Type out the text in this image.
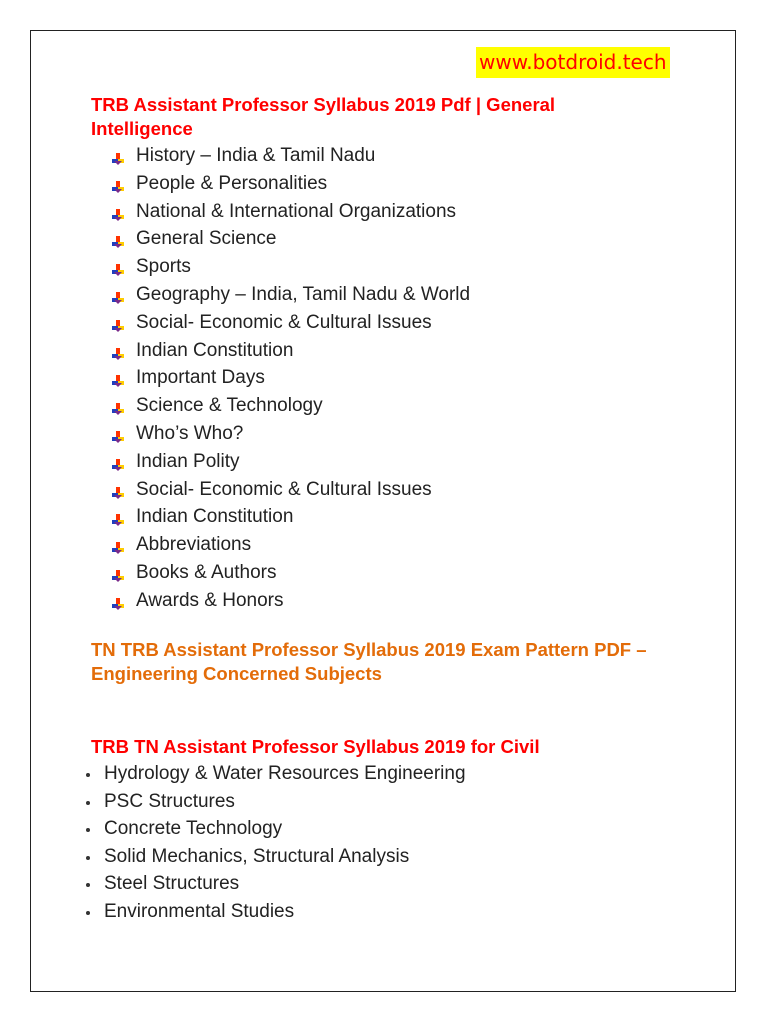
www.botdroid.tech
TRB Assistant Professor Syllabus 2019 Pdf | General Intelligence
History – India & Tamil Nadu
People & Personalities
National & International Organizations
General Science
Sports
Geography – India, Tamil Nadu & World
Social- Economic & Cultural Issues
Indian Constitution
Important Days
Science & Technology
Who’s Who?
Indian Polity
Social- Economic & Cultural Issues
Indian Constitution
Abbreviations
Books & Authors
Awards & Honors
TN TRB Assistant Professor Syllabus 2019 Exam Pattern PDF –Engineering Concerned Subjects
TRB TN Assistant Professor Syllabus 2019 for Civil
Hydrology & Water Resources Engineering
PSC Structures
Concrete Technology
Solid Mechanics, Structural Analysis
Steel Structures
Environmental Studies
